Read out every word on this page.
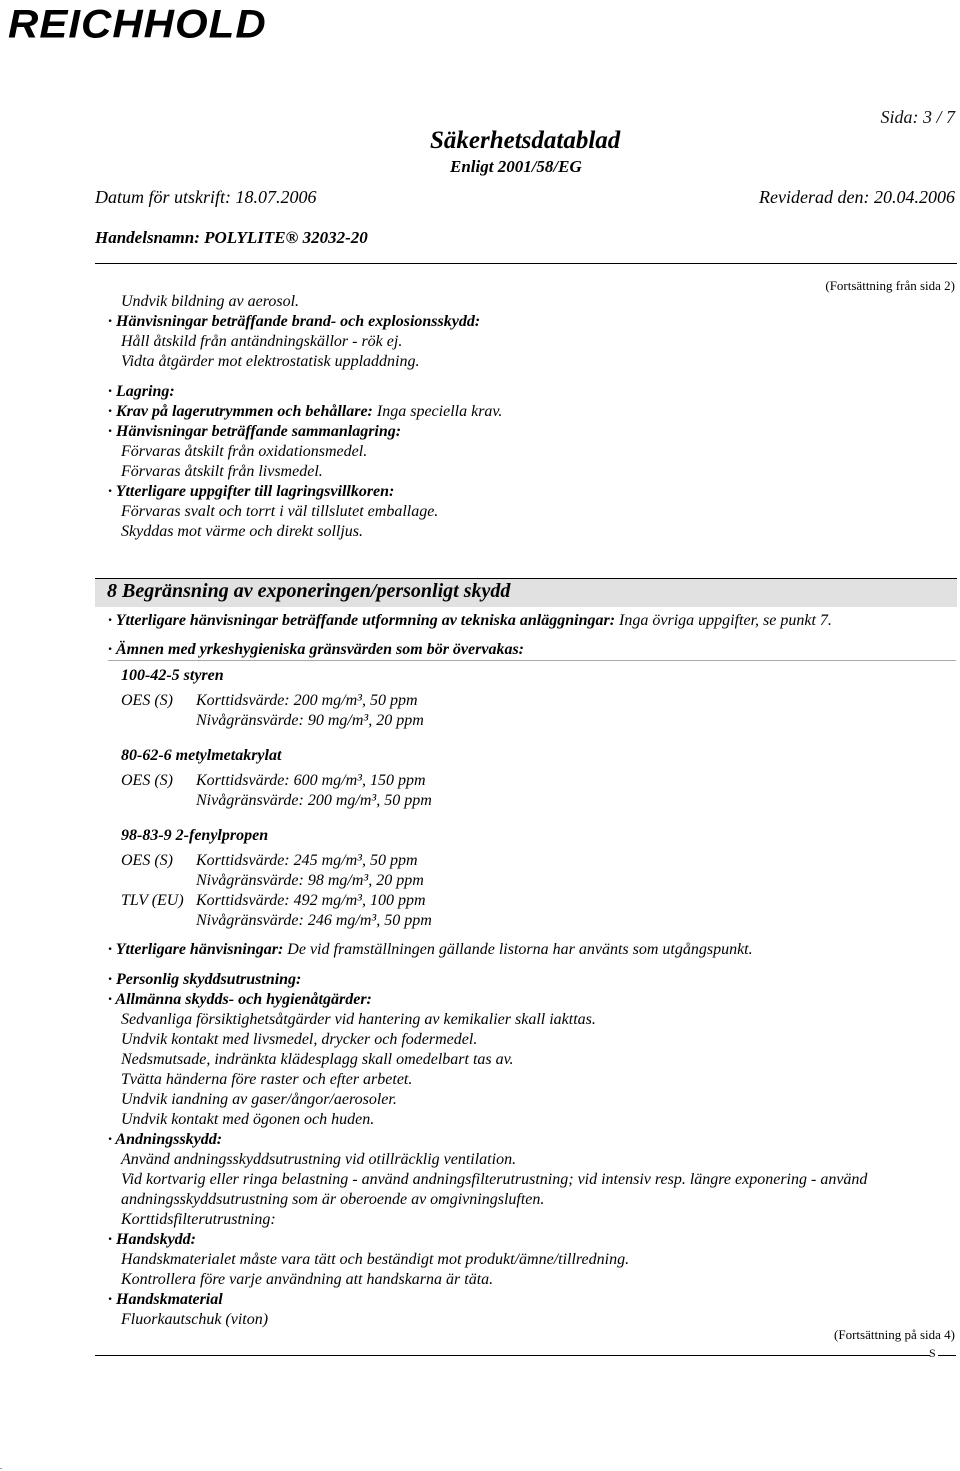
REICHHOLD
Sida: 3 / 7
Säkerhetsdatablad
Enligt 2001/58/EG
Datum för utskrift: 18.07.2006	Reviderad den: 20.04.2006
Handelsnamn: POLYLITE® 32032-20
(Fortsättning från sida 2)
Undvik bildning av aerosol.
· Hänvisningar beträffande brand- och explosionsskydd:
Håll åtskild från antändningskällor - rök ej.
Vidta åtgärder mot elektrostatisk uppladdning.
· Lagring:
· Krav på lagerutrymmen och behållare: Inga speciella krav.
· Hänvisningar beträffande sammanlagring:
Förvaras åtskilt från oxidationsmedel.
Förvaras åtskilt från livsmedel.
· Ytterligare uppgifter till lagringsvillkoren:
Förvaras svalt och torrt i väl tillslutet emballage.
Skyddas mot värme och direkt solljus.
8 Begränsning av exponeringen/personligt skydd
· Ytterligare hänvisningar beträffande utformning av tekniska anläggningar: Inga övriga uppgifter, se punkt 7.
· Ämnen med yrkeshygieniska gränsvärden som bör övervakas:
100-42-5 styren
OES (S) Korttidsvärde: 200 mg/m³, 50 ppm
Nivågränsvärde: 90 mg/m³, 20 ppm
80-62-6 metylmetakrylat
OES (S) Korttidsvärde: 600 mg/m³, 150 ppm
Nivågränsvärde: 200 mg/m³, 50 ppm
98-83-9 2-fenylpropen
OES (S) Korttidsvärde: 245 mg/m³, 50 ppm
Nivågränsvärde: 98 mg/m³, 20 ppm
TLV (EU) Korttidsvärde: 492 mg/m³, 100 ppm
Nivågränsvärde: 246 mg/m³, 50 ppm
· Ytterligare hänvisningar: De vid framställningen gällande listorna har använts som utgångspunkt.
· Personlig skyddsutrustning:
· Allmänna skydds- och hygienåtgärder:
Sedvanliga försiktighetsåtgärder vid hantering av kemikalier skall iakttas.
Undvik kontakt med livsmedel, drycker och fodermedel.
Nedsmutsade, indränkta klädesplagg skall omedelbart tas av.
Tvätta händerna före raster och efter arbetet.
Undvik iandning av gaser/ångor/aerosoler.
Undvik kontakt med ögonen och huden.
· Andningsskydd:
Använd andningsskyddsutrustning vid otillräcklig ventilation.
Vid kortvarig eller ringa belastning - använd andningsfilterutrustning; vid intensiv resp. längre exponering - använd
andningsskyddsutrustning som är oberoende av omgivningsluften.
Korttidsfilterutrustning:
· Handskydd:
Handskmaterialet måste vara tätt och beständigt mot produkt/ämne/tillredning.
Kontrollera före varje användning att handskarna är täta.
· Handskmaterial
Fluorkautschuk (viton)
(Fortsättning på sida 4)
S
.
